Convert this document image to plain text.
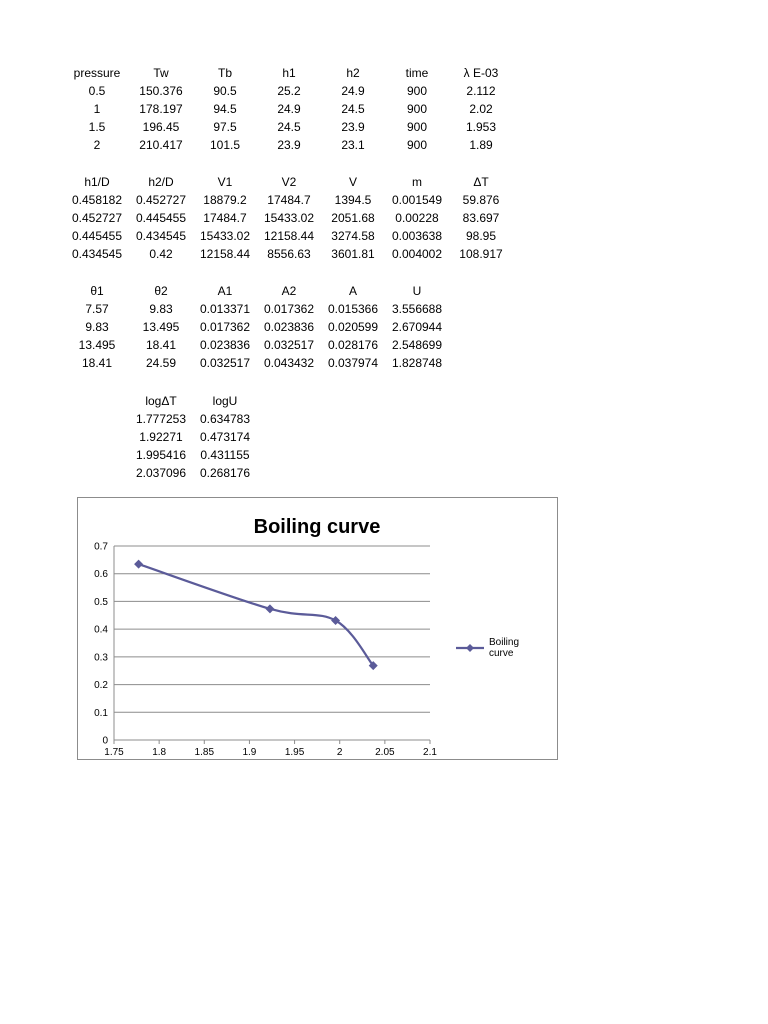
pressure	Tw	Tb	h1	h2	time	λ E-03
0.5	150.376	90.5	25.2	24.9	900	2.112
1	178.197	94.5	24.9	24.5	900	2.02
1.5	196.45	97.5	24.5	23.9	900	1.953
2	210.417	101.5	23.9	23.1	900	1.89
h1/D	h2/D	V1	V2	V	m	ΔT
0.458182	0.452727	18879.2	17484.7	1394.5	0.001549	59.876
0.452727	0.445455	17484.7	15433.02	2051.68	0.00228	83.697
0.445455	0.434545	15433.02	12158.44	3274.58	0.003638	98.95
0.434545	0.42	12158.44	8556.63	3601.81	0.004002	108.917
θ1	θ2	A1	A2	A	U
7.57	9.83	0.013371	0.017362	0.015366	3.556688
9.83	13.495	0.017362	0.023836	0.020599	2.670944
13.495	18.41	0.023836	0.032517	0.028176	2.548699
18.41	24.59	0.032517	0.043432	0.037974	1.828748
logΔT	logU
1.777253	0.634783
1.92271	0.473174
1.995416	0.431155
2.037096	0.268176
Boiling curve
0
0.1
0.2
0.3
0.4
0.5
0.6
0.7
1.75	1.8	1.85	1.9	1.95	2	2.05	2.1
Boiling
curve
